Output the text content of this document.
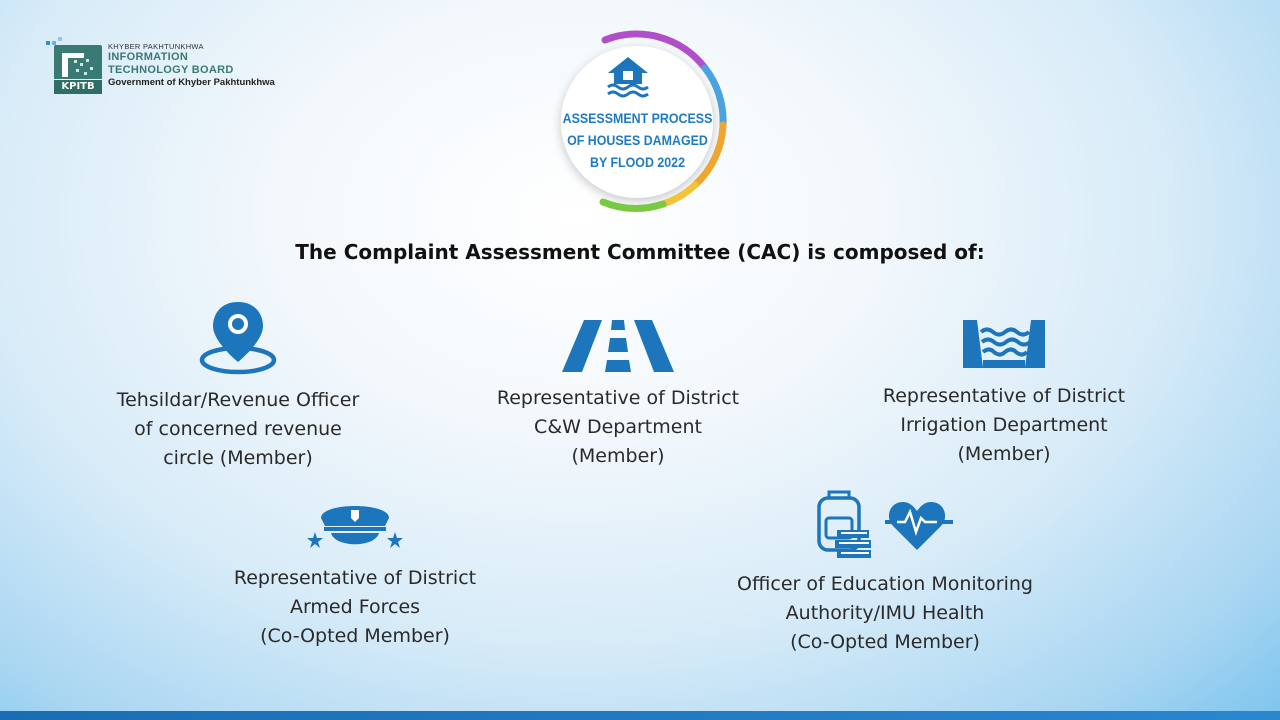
KPITB
KHYBER PAKHTUNKHWA
INFORMATION
TECHNOLOGY BOARD
Government of Khyber Pakhtunkhwa
ASSESSMENT PROCESS
OF HOUSES DAMAGED
BY FLOOD 2022
The Complaint Assessment Committee (CAC) is composed of:
Tehsildar/Revenue Officer
of concerned revenue
circle (Member)
Representative of District
C&W Department
(Member)
Representative of District
Irrigation Department
(Member)
Representative of District
Armed Forces
(Co-Opted Member)
Officer of Education Monitoring
Authority/IMU Health
(Co-Opted Member)
